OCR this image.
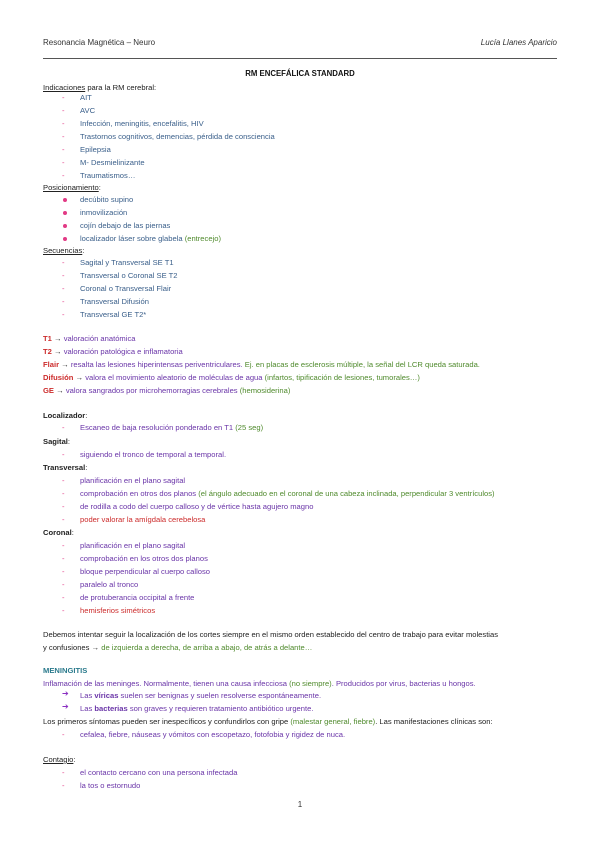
Resonancia Magnética – Neuro	Lucía Llanes Aparicio
RM ENCEFÁLICA STANDARD
Indicaciones para la RM cerebral:
- AIT
- AVC
- Infección, meningitis, encefalitis, HIV
- Trastornos cognitivos, demencias, pérdida de consciencia
- Epilepsia
- M- Desmielinizante
- Traumatismos…
Posicionamiento:
decúbito supino
inmovilización
cojín debajo de las piernas
localizador láser sobre glabela (entrecejo)
Secuencias:
- Sagital y Transversal SE T1
- Transversal o Coronal SE T2
- Coronal o Transversal Flair
- Transversal Difusión
- Transversal GE T2*
T1 → valoración anatómica
T2 → valoración patológica e inflamatoria
Flair → resalta las lesiones hiperintensas periventriculares. Ej. en placas de esclerosis múltiple, la señal del LCR queda saturada.
Difusión → valora el movimiento aleatorio de moléculas de agua (infartos, tipificación de lesiones, tumorales…)
GE → valora sangrados por microhemorragias cerebrales (hemosiderina)
Localizador:
- Escaneo de baja resolución ponderado en T1 (25 seg)
Sagital:
- siguiendo el tronco de temporal a temporal.
Transversal:
- planificación en el plano sagital
- comprobación en otros dos planos (el ángulo adecuado en el coronal de una cabeza inclinada, perpendicular 3 ventrículos)
- de rodilla a codo del cuerpo calloso y de vértice hasta agujero magno
- poder valorar la amígdala cerebelosa
Coronal:
- planificación en el plano sagital
- comprobación en los otros dos planos
- bloque perpendicular al cuerpo calloso
- paralelo al tronco
- de protuberancia occipital a frente
- hemisferios simétricos
Debemos intentar seguir la localización de los cortes siempre en el mismo orden establecido del centro de trabajo para evitar molestias
y confusiones → de izquierda a derecha, de arriba a abajo, de atrás a delante…
MENINGITIS
Inflamación de las meninges. Normalmente, tienen una causa infecciosa (no siempre). Producidos por virus, bacterias u hongos.
➔ Las víricas suelen ser benignas y suelen resolverse espontáneamente.
➔ Las bacterias son graves y requieren tratamiento antibiótico urgente.
Los primeros síntomas pueden ser inespecíficos y confundirlos con gripe (malestar general, fiebre). Las manifestaciones clínicas son:
- cefalea, fiebre, náuseas y vómitos con escopetazo, fotofobia y rigidez de nuca.
Contagio:
- el contacto cercano con una persona infectada
- la tos o estornudo
1
